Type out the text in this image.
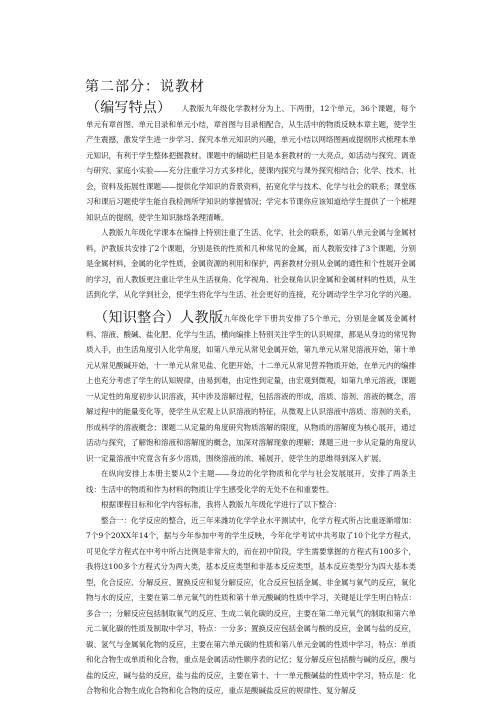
第二部分：说教材

（编写特点） 人教版九年级化学教材分为上、下两册，12个单元，36个课题，每个单元有章首图、单元目录和单元小结，章首图与目录相配合，从生活中的物质反映本章主题，使学生产生震撼，激发学生进一步学习、探究本单元知识的兴趣，单元小结以网络图画或提纲形式梳理本单元知识，有利于学生整体把握教材。课题中的辅助栏目是本套教材的一大亮点，如活动与探究、调查与研究、家庭小实验——充分注重学习方式多样化，使课内探究与课外探究相结合；化学、技术、社会，资料及拓展性课题——提供化学知识的背景资料，拓宽化学与技术、化学与社会的联系；课堂练习和课后习题使学生能自我检测所学知识的掌握情况；学完本节课你应该知道给学生提供了一个梳理知识点的提纲，使学生知识脉络条理清晰。

人教版九年级化学课本在编排上特别注重了生活、化学、社会的联系，如第八单元金属与金属材料，沪教版共安排了2个课题，分别是铁的性质和几种常见的金属，而人教版安排了3个课题，分别是金属材料，金属的化学性质，金属资源的利用和保护，两套教材分别从金属的通性和个性展开金属的学习，而人教版更注重让学生从生活视角、化学视角、社会视角认识金属和金属材料的性质，从生活到化学，从化学到社会，使学生将化学与生活、社会更好的连接，充分调动学生学习化学的兴趣。

（知识整合）人教版九年级化学下册共安排了5个单元，分别是金属及金属材料、溶液、酸碱、盐化肥、化学与生活，横向编排上特别关注学生的认识规律，都是从身边的常见物质入手，由生活角度引入化学角度，如第八单元从常见金属开始，第九单元从常见溶液开始，第十单元从常见酸碱开始，十一单元从常见盐、化肥开始，十二单元从常见营养物质开始，在单元内的编排上也充分考虑了学生的认知规律，由易到难，由定性到定量，由宏观到微观，如第九单元溶液，课题一从定性的角度初步认识溶液，其中涉及溶解过程，包括溶液的形成，溶质、溶剂、溶液的概念，溶解过程中的能量变化等，使学生从宏观上认识溶液的特征，从微观上认识溶液中溶质、溶剂的关系，形成科学的溶液概念；课题二从定量的角度研究物质溶解的限度，从物质的溶解度为核心展开，通过活动与探究，了解饱和溶液和溶解度的概念，加深对溶解现象的理解；课题三进一步从定量的角度认识一定量溶液中究竟含有多少溶质，围绕溶液的浓、稀展开，使学生的思维得到深入扩展。

在纵向安排上本册主要从2个主题——身边的化学物质和化学与社会发展展开，安排了两条主线：生活中的物质和作为材料的物质让学生感受化学的无处不在和重要性。

根据课程目标和化学内容标准，我将人教版九年级化学进行了以下整合：

整合一：化学反应的整合，近三年来潍坊化学学业水平测试中，化学方程式所占比重逐渐增加：7个9个20XX年14个，据与今年参加中考的学生反映，今年化学考试中共考取了10个化学方程式，可见化学方程式在中考中所占比例是非常大的，而在初中阶段，学生需要掌握的方程式有100多个，我将这100多个方程式分为两大类，基本反应类型和非基本反应类型，基本反应类型分为四大基本类型，化合反应、分解反应、置换反应和复分解反应，化合反应包括金属、非金属与氧气的反应，氧化物与水的反应，主要在第二单元氧气的性质和第十单元酸碱的性质中学习，关键是让学生明白特点：多合一；分解反应包括制取氧气的反应、生成二氧化碳的反应，主要在第二单元氧气的制取和第六单元二氧化碳的性质及制取中学习，特点：一分多；置换反应包括金属与酸的反应，金属与盐的反应，碳、氢气与金属氧化物的反应，主要在第六单元碳的性质和第八单元金属的性质中学习，特点：单质和化合物生成单质和化合物，重点是金属活动性顺序表的记忆；复分解反应包括酸与碱的反应，酸与盐的反应，碱与盐的反应，盐与盐的反应，主要在第十、十一单元酸碱盐的性质中学习，特点是：化合物和化合物生成化合物和化合物的反应，重点是酸碱盐反应的规律性、复分解反
